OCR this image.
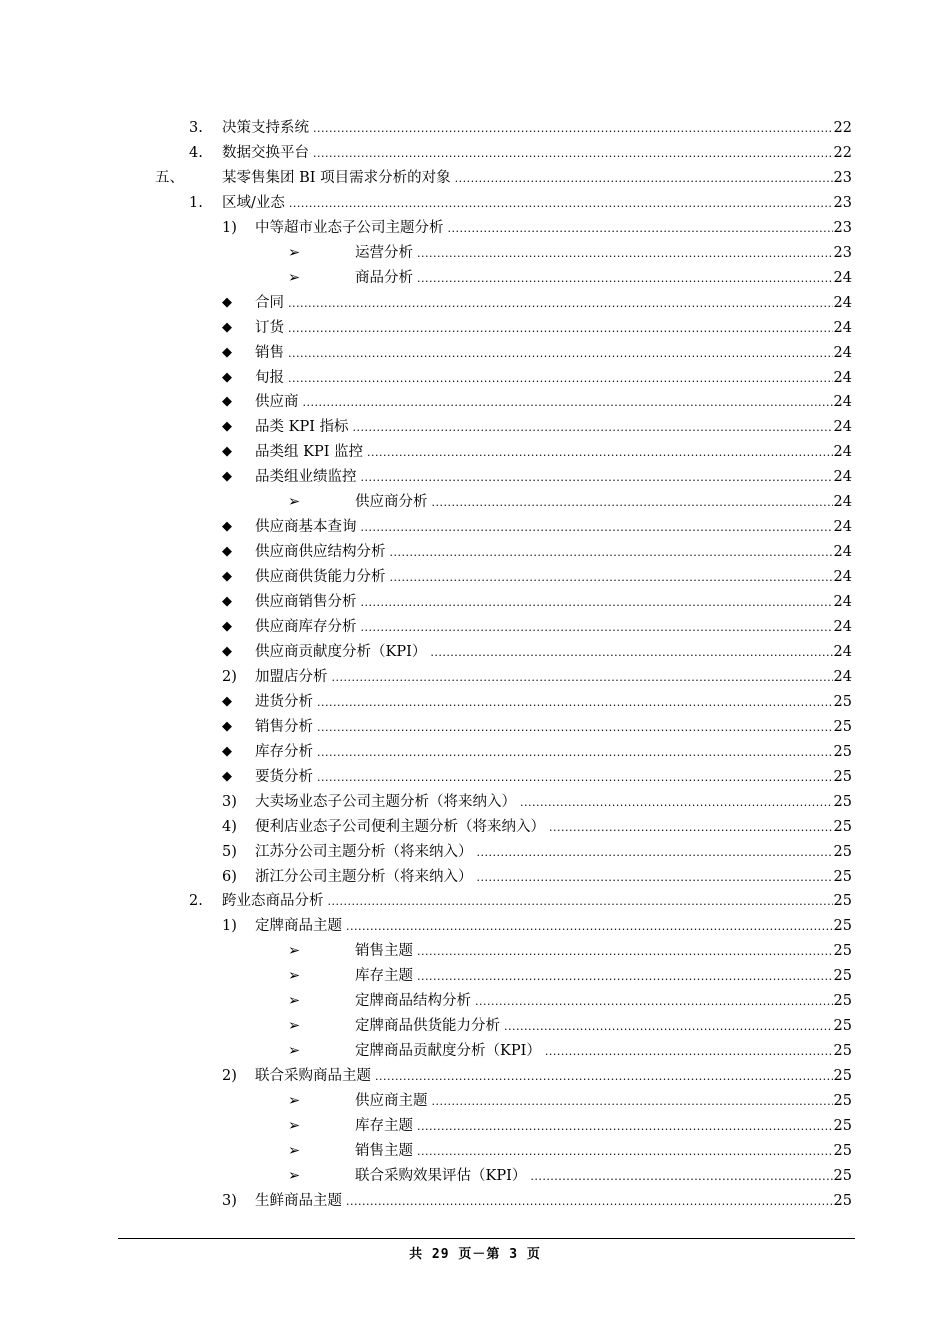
3. 决策支持系统 .....	22
4. 数据交换平台 .....	22
五、	某零售集团 BI 项目需求分析的对象 .....	23
1. 区域/业态 .....	23
1) 中等超市业态子公司主题分析 .....	23
➢	运营分析 .....	23
➢	商品分析 .....	24
◆ 合同 .....	24
◆ 订货 .....	24
◆ 销售 .....	24
◆ 旬报 .....	24
◆ 供应商 .....	24
◆ 品类 KPI 指标 .....	24
◆ 品类组 KPI 监控 .....	24
◆ 品类组业绩监控 .....	24
➢	供应商分析 .....	24
◆ 供应商基本查询 .....	24
◆ 供应商供应结构分析 .....	24
◆ 供应商供货能力分析 .....	24
◆ 供应商销售分析 .....	24
◆ 供应商库存分析 .....	24
◆ 供应商贡献度分析（KPI） .....	24
2) 加盟店分析 .....	24
◆ 进货分析 .....	25
◆ 销售分析 .....	25
◆ 库存分析 .....	25
◆ 要货分析 .....	25
3) 大卖场业态子公司主题分析（将来纳入） .....	25
4) 便利店业态子公司便利主题分析（将来纳入） .....	25
5) 江苏分公司主题分析（将来纳入） .....	25
6) 浙江分公司主题分析（将来纳入） .....	25
2. 跨业态商品分析 .....	25
1) 定牌商品主题 .....	25
➢	销售主题 .....	25
➢	库存主题 .....	25
➢	定牌商品结构分析 .....	25
➢	定牌商品供货能力分析 .....	25
➢	定牌商品贡献度分析（KPI） .....	25
2) 联合采购商品主题 .....	25
➢	供应商主题 .....	25
➢	库存主题 .....	25
➢	销售主题 .....	25
➢	联合采购效果评估（KPI） .....	25
3) 生鲜商品主题 .....	25
共 29 页－第 3 页
